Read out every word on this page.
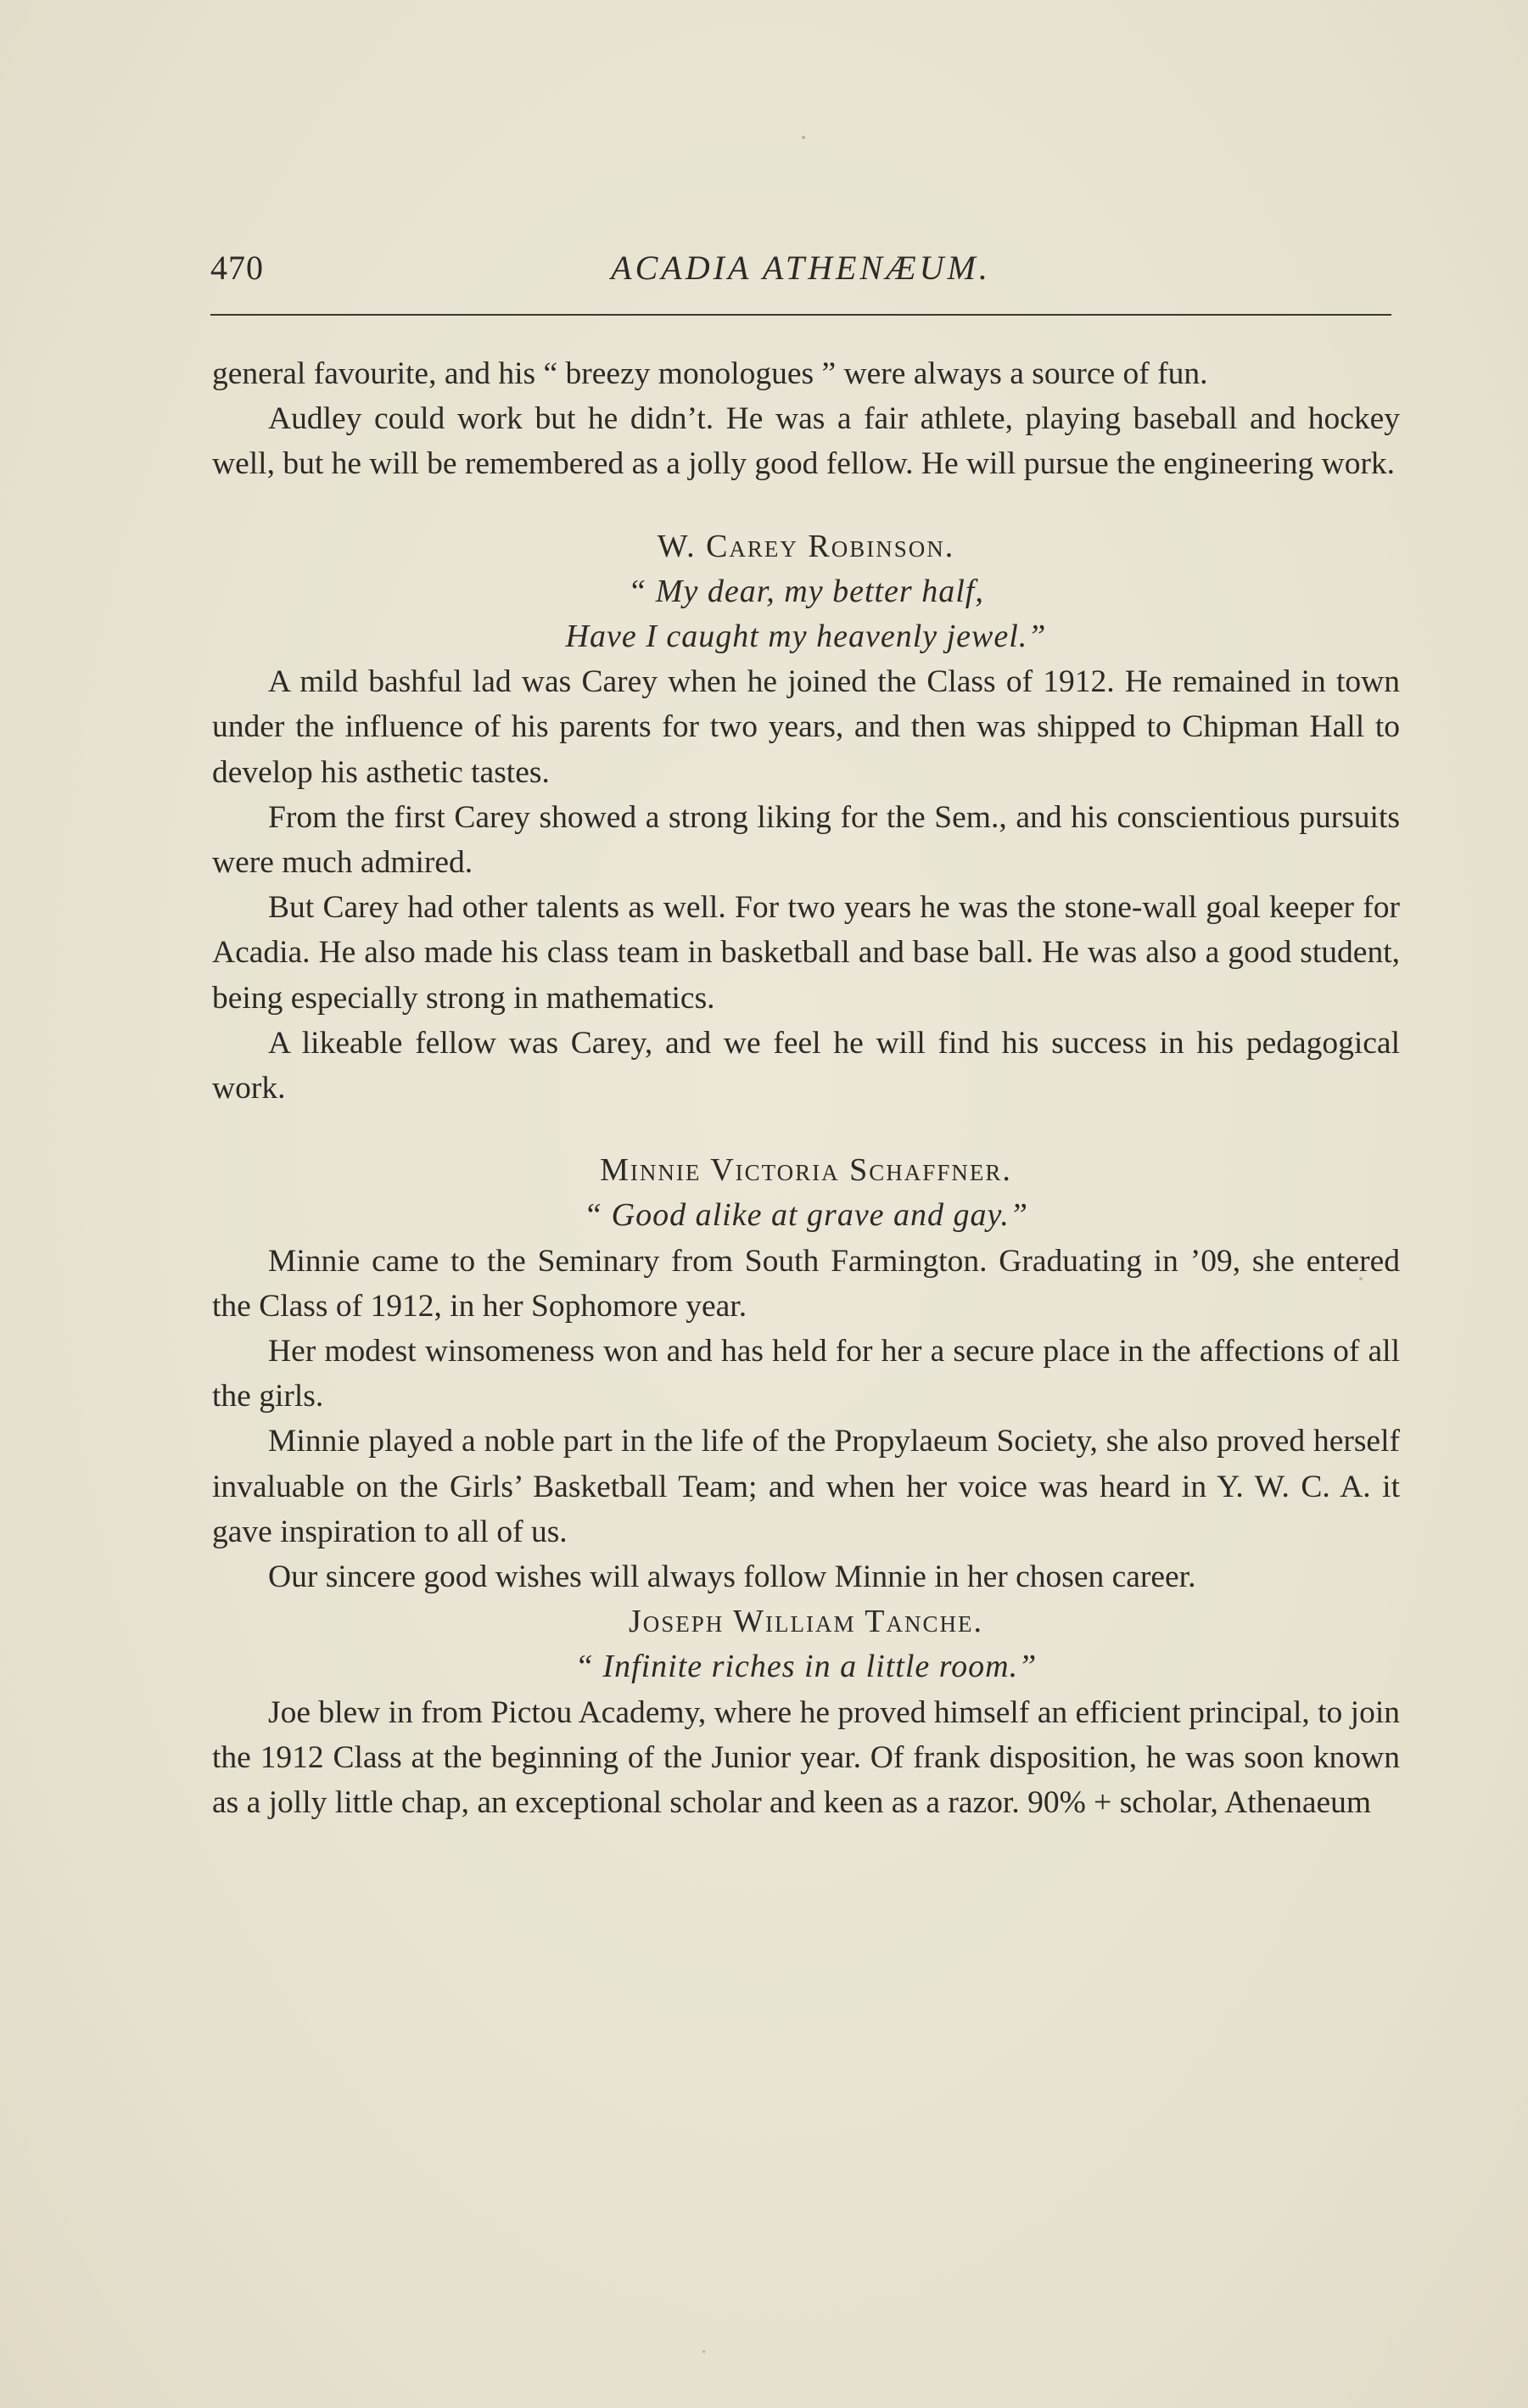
470	ACADIA ATHENÆUM.

general favourite, and his “ breezy monologues ” were always a source of fun.

Audley could work but he didn’t. He was a fair athlete, playing baseball and hockey well, but he will be remembered as a jolly good fellow. He will pursue the engineering work.

W. Carey Robinson.

“ My dear, my better half,

Have I caught my heavenly jewel.”

A mild bashful lad was Carey when he joined the Class of 1912. He remained in town under the influence of his parents for two years, and then was shipped to Chipman Hall to develop his asthetic tastes.

From the first Carey showed a strong liking for the Sem., and his conscientious pursuits were much admired.

But Carey had other talents as well. For two years he was the stone-wall goal keeper for Acadia. He also made his class team in basketball and base ball. He was also a good student, being especially strong in mathematics.

A likeable fellow was Carey, and we feel he will find his success in his pedagogical work.

Minnie Victoria Schaffner.

“ Good alike at grave and gay.”

Minnie came to the Seminary from South Farmington. Graduating in ’09, she entered the Class of 1912, in her Sophomore year.

Her modest winsomeness won and has held for her a secure place in the affections of all the girls.

Minnie played a noble part in the life of the Propylaeum Society, she also proved herself invaluable on the Girls’ Basketball Team; and when her voice was heard in Y. W. C. A. it gave inspiration to all of us.

Our sincere good wishes will always follow Minnie in her chosen career.

Joseph William Tanche.

“ Infinite riches in a little room.”

Joe blew in from Pictou Academy, where he proved himself an efficient principal, to join the 1912 Class at the beginning of the Junior year. Of frank disposition, he was soon known as a jolly little chap, an exceptional scholar and keen as a razor. 90% + scholar, Athenaeum
